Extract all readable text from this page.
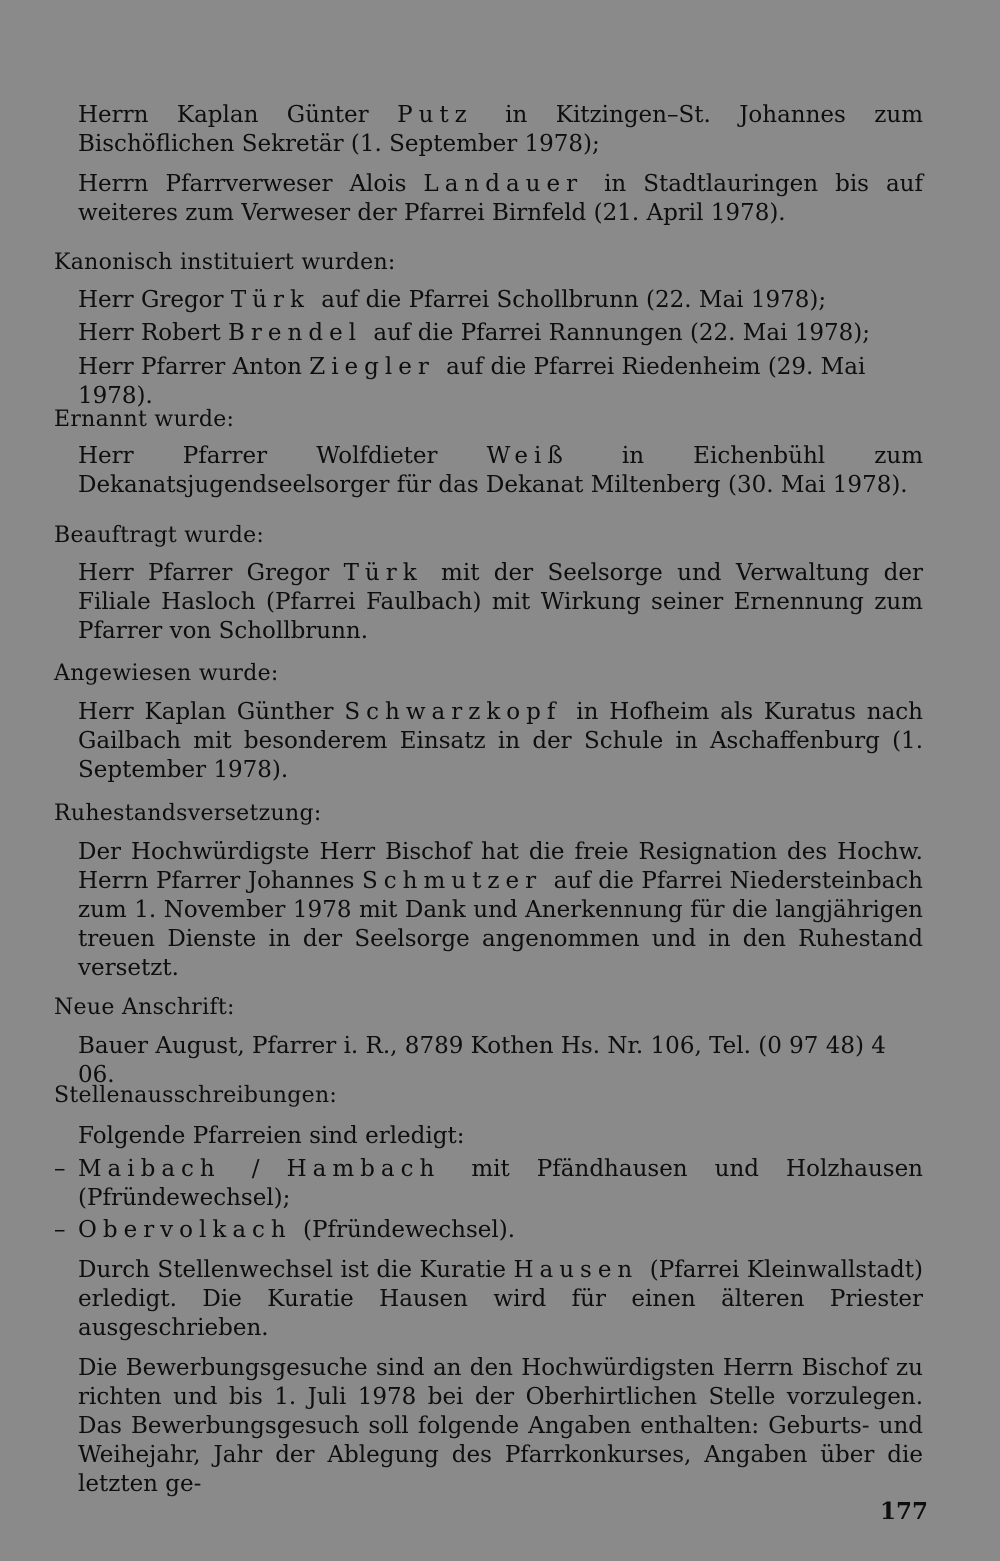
Herrn Kaplan Günter Putz in Kitzingen–St. Johannes zum Bischöflichen Sekretär (1. September 1978);
Herrn Pfarrverweser Alois Landauer in Stadtlauringen bis auf weiteres zum Verweser der Pfarrei Birnfeld (21. April 1978).
Kanonisch instituiert wurden:
Herr Gregor Türk auf die Pfarrei Schollbrunn (22. Mai 1978);
Herr Robert Brendel auf die Pfarrei Rannungen (22. Mai 1978);
Herr Pfarrer Anton Ziegler auf die Pfarrei Riedenheim (29. Mai 1978).
Ernannt wurde:
Herr Pfarrer Wolfdieter Weiß in Eichenbühl zum Dekanatsjugendseelsorger für das Dekanat Miltenberg (30. Mai 1978).
Beauftragt wurde:
Herr Pfarrer Gregor Türk mit der Seelsorge und Verwaltung der Filiale Hasloch (Pfarrei Faulbach) mit Wirkung seiner Ernennung zum Pfarrer von Schollbrunn.
Angewiesen wurde:
Herr Kaplan Günther Schwarzkopf in Hofheim als Kuratus nach Gailbach mit besonderem Einsatz in der Schule in Aschaffenburg (1. September 1978).
Ruhestandsversetzung:
Der Hochwürdigste Herr Bischof hat die freie Resignation des Hochw. Herrn Pfarrer Johannes Schmutzer auf die Pfarrei Niedersteinbach zum 1. November 1978 mit Dank und Anerkennung für die langjährigen treuen Dienste in der Seelsorge angenommen und in den Ruhestand versetzt.
Neue Anschrift:
Bauer August, Pfarrer i. R., 8789 Kothen Hs. Nr. 106, Tel. (0 97 48) 4 06.
Stellenausschreibungen:
Folgende Pfarreien sind erledigt:
– Maibach / Hambach mit Pfändhausen und Holzhausen (Pfründewechsel);
– Obervolkach (Pfründewechsel).
Durch Stellenwechsel ist die Kuratie Hausen (Pfarrei Kleinwallstadt) erledigt. Die Kuratie Hausen wird für einen älteren Priester ausgeschrieben.
Die Bewerbungsgesuche sind an den Hochwürdigsten Herrn Bischof zu richten und bis 1. Juli 1978 bei der Oberhirtlichen Stelle vorzulegen. Das Bewerbungsgesuch soll folgende Angaben enthalten: Geburts- und Weihejahr, Jahr der Ablegung des Pfarrkonkurses, Angaben über die letzten ge-
177
